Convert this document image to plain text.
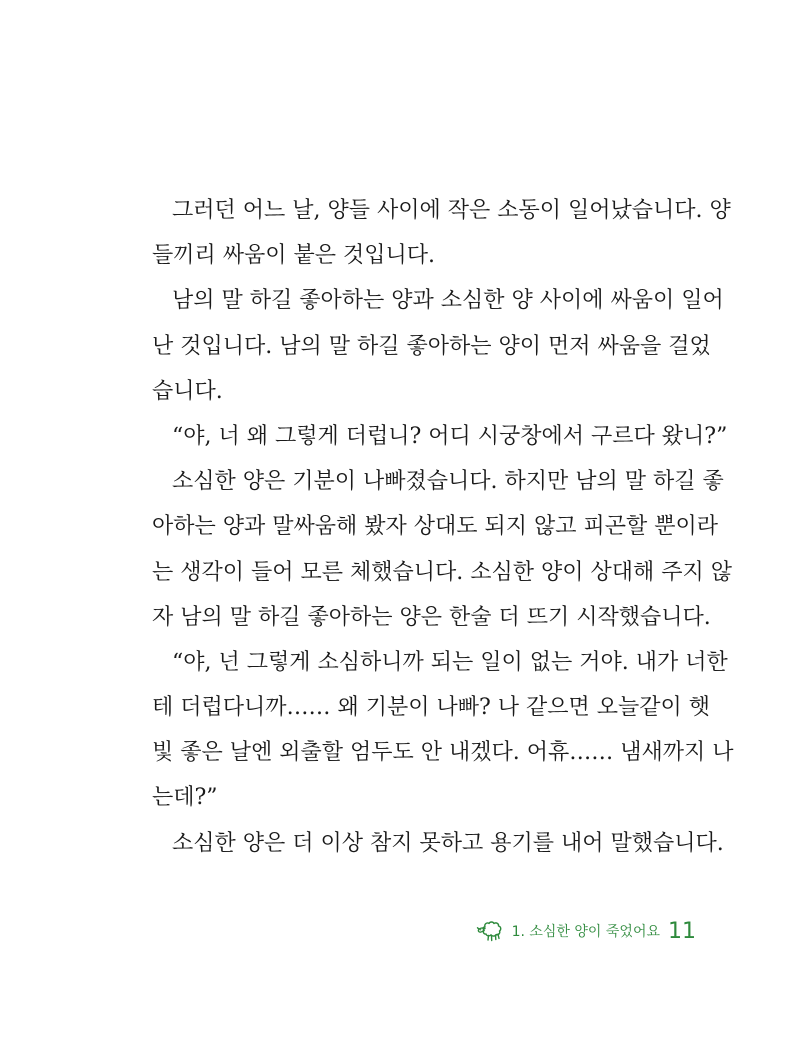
그러던 어느 날, 양들 사이에 작은 소동이 일어났습니다. 양
들끼리 싸움이 붙은 것입니다.
남의 말 하길 좋아하는 양과 소심한 양 사이에 싸움이 일어
난 것입니다. 남의 말 하길 좋아하는 양이 먼저 싸움을 걸었
습니다.
“야, 너 왜 그렇게 더럽니? 어디 시궁창에서 구르다 왔니?”
소심한 양은 기분이 나빠졌습니다. 하지만 남의 말 하길 좋
아하는 양과 말싸움해 봤자 상대도 되지 않고 피곤할 뿐이라
는 생각이 들어 모른 체했습니다. 소심한 양이 상대해 주지 않
자 남의 말 하길 좋아하는 양은 한술 더 뜨기 시작했습니다.
“야, 넌 그렇게 소심하니까 되는 일이 없는 거야. 내가 너한
테 더럽다니까…… 왜 기분이 나빠? 나 같으면 오늘같이 햇
빛 좋은 날엔 외출할 엄두도 안 내겠다. 어휴…… 냄새까지 나
는데?”
소심한 양은 더 이상 참지 못하고 용기를 내어 말했습니다.
1. 소심한 양이 죽었어요 11
